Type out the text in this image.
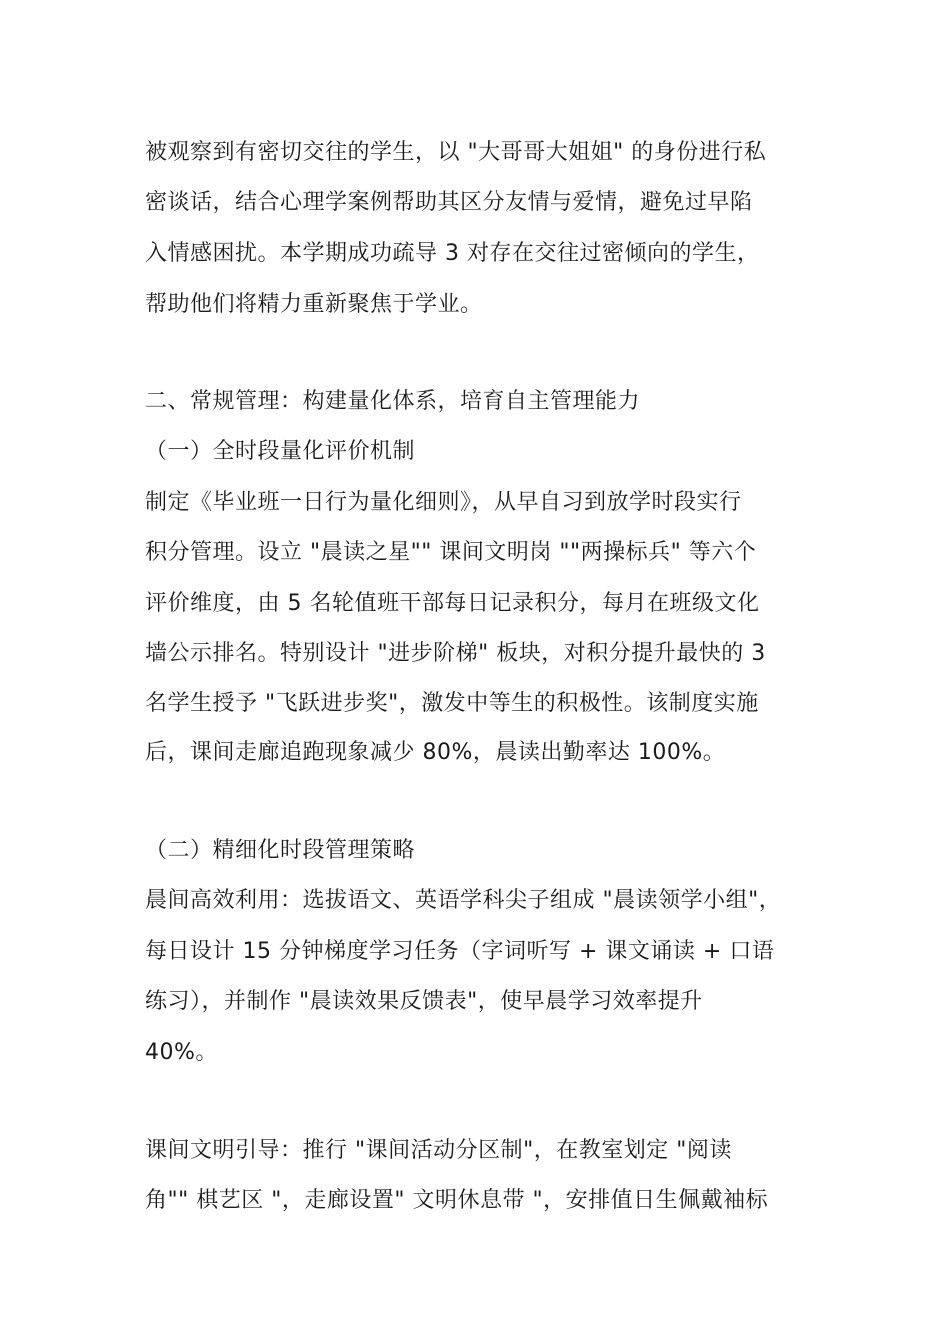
被观察到有密切交往的学生，以 "大哥哥大姐姐" 的身份进行私
密谈话，结合心理学案例帮助其区分友情与爱情，避免过早陷
入情感困扰。本学期成功疏导 3 对存在交往过密倾向的学生，
帮助他们将精力重新聚焦于学业。
二、常规管理：构建量化体系，培育自主管理能力
（一）全时段量化评价机制
制定《毕业班一日行为量化细则》，从早自习到放学时段实行
积分管理。设立 "晨读之星"" 课间文明岗 ""两操标兵" 等六个
评价维度，由 5 名轮值班干部每日记录积分，每月在班级文化
墙公示排名。特别设计 "进步阶梯" 板块，对积分提升最快的 3
名学生授予 "飞跃进步奖"，激发中等生的积极性。该制度实施
后，课间走廊追跑现象减少 80%，晨读出勤率达 100%。
（二）精细化时段管理策略
晨间高效利用：选拔语文、英语学科尖子组成 "晨读领学小组"，
每日设计 15 分钟梯度学习任务（字词听写 + 课文诵读 + 口语
练习），并制作 "晨读效果反馈表"，使早晨学习效率提升
40%。
课间文明引导：推行 "课间活动分区制"，在教室划定 "阅读
角"" 棋艺区 "，走廊设置" 文明休息带 "，安排值日生佩戴袖标
